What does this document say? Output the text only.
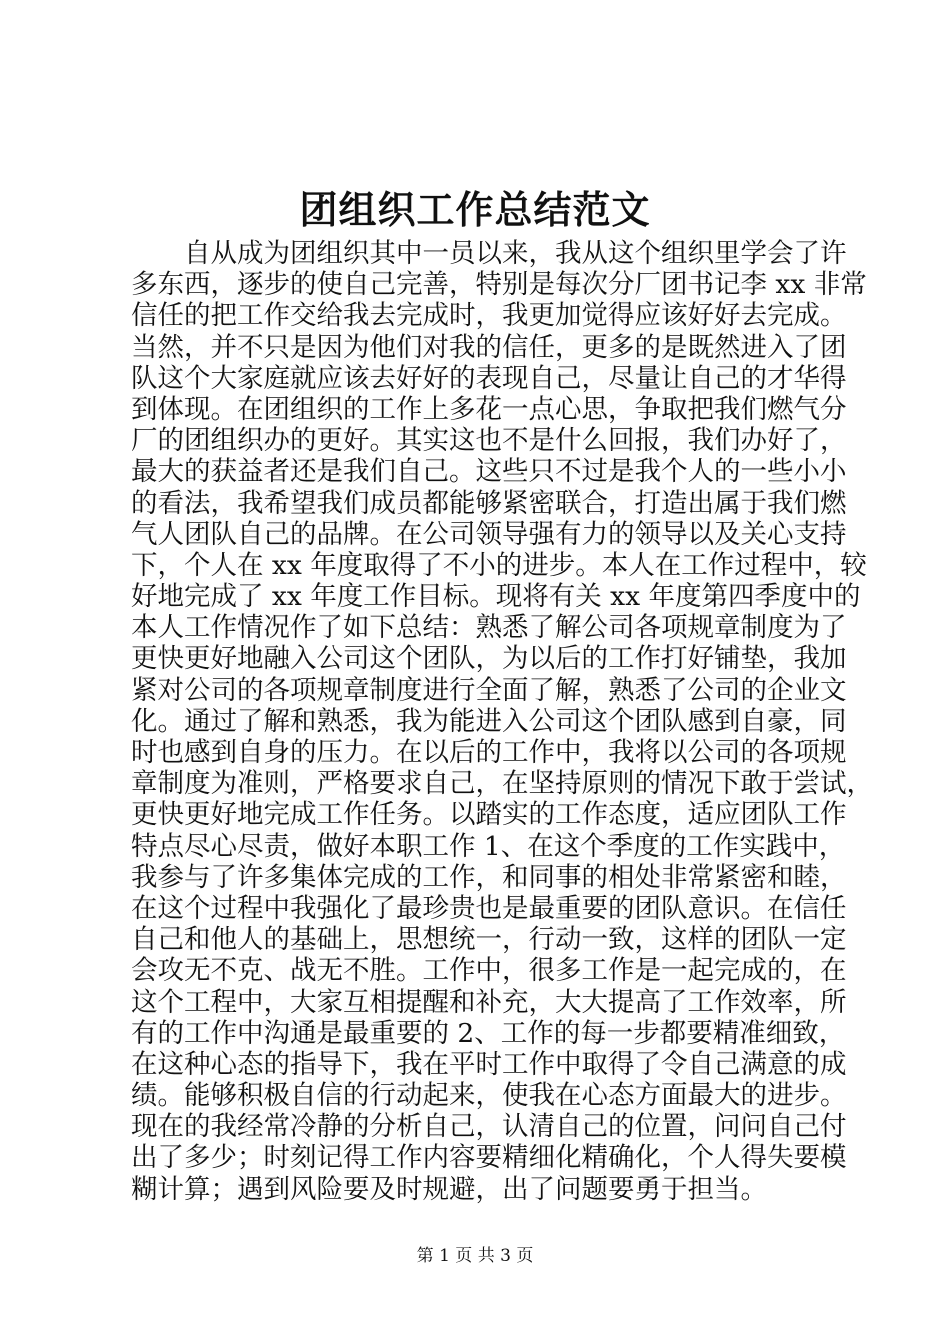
团组织工作总结范文
　　自从成为团组织其中一员以来，我从这个组织里学会了许
多东西，逐步的使自己完善，特别是每次分厂团书记李 xx 非常
信任的把工作交给我去完成时，我更加觉得应该好好去完成。
当然，并不只是因为他们对我的信任，更多的是既然进入了团
队这个大家庭就应该去好好的表现自己，尽量让自己的才华得
到体现。在团组织的工作上多花一点心思，争取把我们燃气分
厂的团组织办的更好。其实这也不是什么回报，我们办好了，
最大的获益者还是我们自己。这些只不过是我个人的一些小小
的看法，我希望我们成员都能够紧密联合，打造出属于我们燃
气人团队自己的品牌。在公司领导强有力的领导以及关心支持
下，个人在 xx 年度取得了不小的进步。本人在工作过程中，较
好地完成了 xx 年度工作目标。现将有关 xx 年度第四季度中的
本人工作情况作了如下总结：熟悉了解公司各项规章制度为了
更快更好地融入公司这个团队，为以后的工作打好铺垫，我加
紧对公司的各项规章制度进行全面了解，熟悉了公司的企业文
化。通过了解和熟悉，我为能进入公司这个团队感到自豪，同
时也感到自身的压力。在以后的工作中，我将以公司的各项规
章制度为准则，严格要求自己，在坚持原则的情况下敢于尝试，
更快更好地完成工作任务。以踏实的工作态度，适应团队工作
特点尽心尽责，做好本职工作 1、在这个季度的工作实践中，
我参与了许多集体完成的工作，和同事的相处非常紧密和睦，
在这个过程中我强化了最珍贵也是最重要的团队意识。在信任
自己和他人的基础上，思想统一，行动一致，这样的团队一定
会攻无不克、战无不胜。工作中，很多工作是一起完成的，在
这个工程中，大家互相提醒和补充，大大提高了工作效率，所
有的工作中沟通是最重要的 2、工作的每一步都要精准细致，
在这种心态的指导下，我在平时工作中取得了令自己满意的成
绩。能够积极自信的行动起来，使我在心态方面最大的进步。
现在的我经常冷静的分析自己，认清自己的位置，问问自己付
出了多少；时刻记得工作内容要精细化精确化，个人得失要模
糊计算；遇到风险要及时规避，出了问题要勇于担当。
第 1 页 共 3 页
